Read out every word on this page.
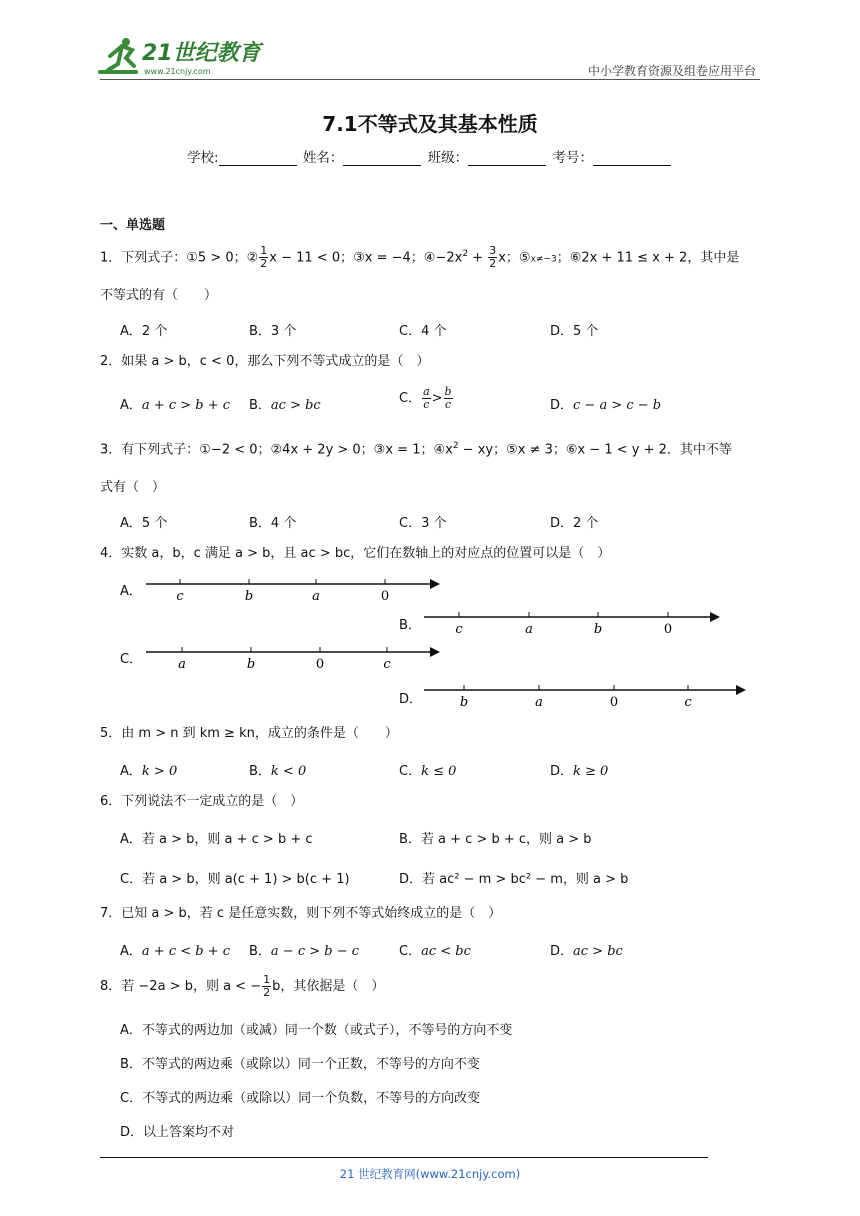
21世纪教育
www.21cnjy.com	中小学教育资源及组卷应用平台
7.1不等式及其基本性质
学校:	姓名：	班级：	考号：
一、单选题
1．下列式子：①5 > 0；② $\frac{1}{2}$ x − 11 < 0；③x = −4；$④-2x^2 + \frac{3}{2}$ x；⑤x≠−3；⑥2x + 11 ≤ x + 2，其中是
不等式的有（　　）
A．2 个	B．3 个	C．4 个	D．5 个
2．如果 a > b，c < 0，那么下列不等式成立的是（　）
A．a + c > b + c B．ac > bc	C． $\frac{a}{c} > \frac{b}{c}$	D．c − a > c − b
3．有下列式子：①−2 < 0；②4x + 2y > 0；③x = 1；$④x^2$ − xy；⑤x ≠ 3；⑥x − 1 < y + 2．其中不等
式有（　）
A．5 个	B．4 个	C．3 个	D．2 个
4．实数 a，b，c 满足 a > b，且 ac > bc，它们在数轴上的对应点的位置可以是（　）
A．	c	b	a	0
B．	c	a	b	0
C．	a	b	0	c
D．	b	a	0	c
5．由 m > n 到 km ≥ kn，成立的条件是（　　）
A．k > 0	B．k < 0	C．k ≤ 0	D．k ≥ 0
6．下列说法不一定成立的是（　）
A．若 a > b，则 a + c > b + c	B．若 a + c > b + c，则 a > b
C．若 a > b，则 a(c + 1) > b(c + 1)	D．若 ac² − m > bc² − m，则 a > b
7．已知 a > b，若 c 是任意实数，则下列不等式始终成立的是（　）
A．a + c < b + c B．a − c > b − c	C．ac < bc	D．ac > bc
8．若 −2a > b，则 a < − $\frac{1}{2}$ b，其依据是（　）
A．不等式的两边加（或减）同一个数（或式子），不等号的方向不变
B．不等式的两边乘（或除以）同一个正数，不等号的方向不变
C．不等式的两边乘（或除以）同一个负数，不等号的方向改变
D．以上答案均不对
21 世纪教育网(www.21cnjy.com)
